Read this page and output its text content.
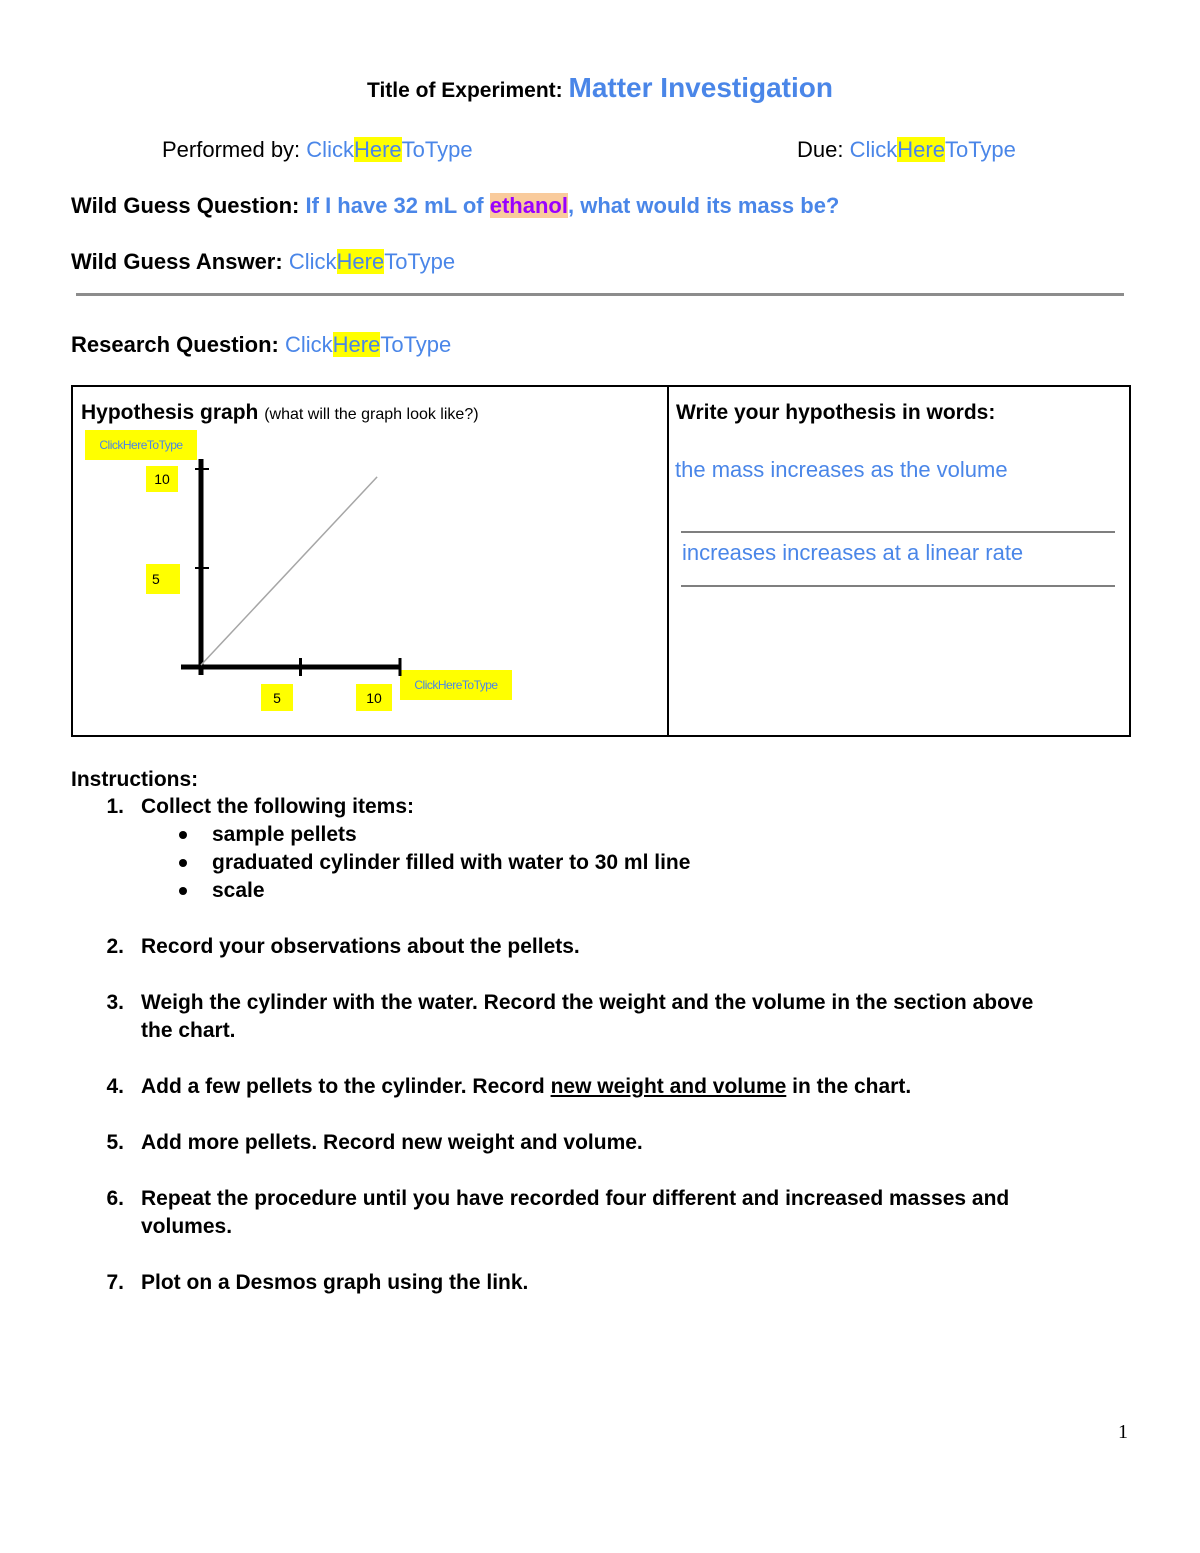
Title of Experiment: Matter Investigation
Performed by: ClickHereToType	Due: ClickHereToType
Wild Guess Question: If I have 32 mL of ethanol, what would its mass be?
Wild Guess Answer: ClickHereToType
Research Question: ClickHereToType
Hypothesis graph (what will the graph look like?)
ClickHereToType
ClickHereToType
10
5
5	10
Write your hypothesis in words:
the mass increases as the volume
increases increases at a linear rate
Instructions:
1. Collect the following items:
sample pellets
graduated cylinder filled with water to 30 ml line
scale
2. Record your observations about the pellets.
3. Weigh the cylinder with the water. Record the weight and the volume in the section above
the chart.
4. Add a few pellets to the cylinder. Record new weight and volume in the chart.
5. Add more pellets. Record new weight and volume.
6. Repeat the procedure until you have recorded four different and increased masses and
volumes.
7. Plot on a Desmos graph using the link.
1
